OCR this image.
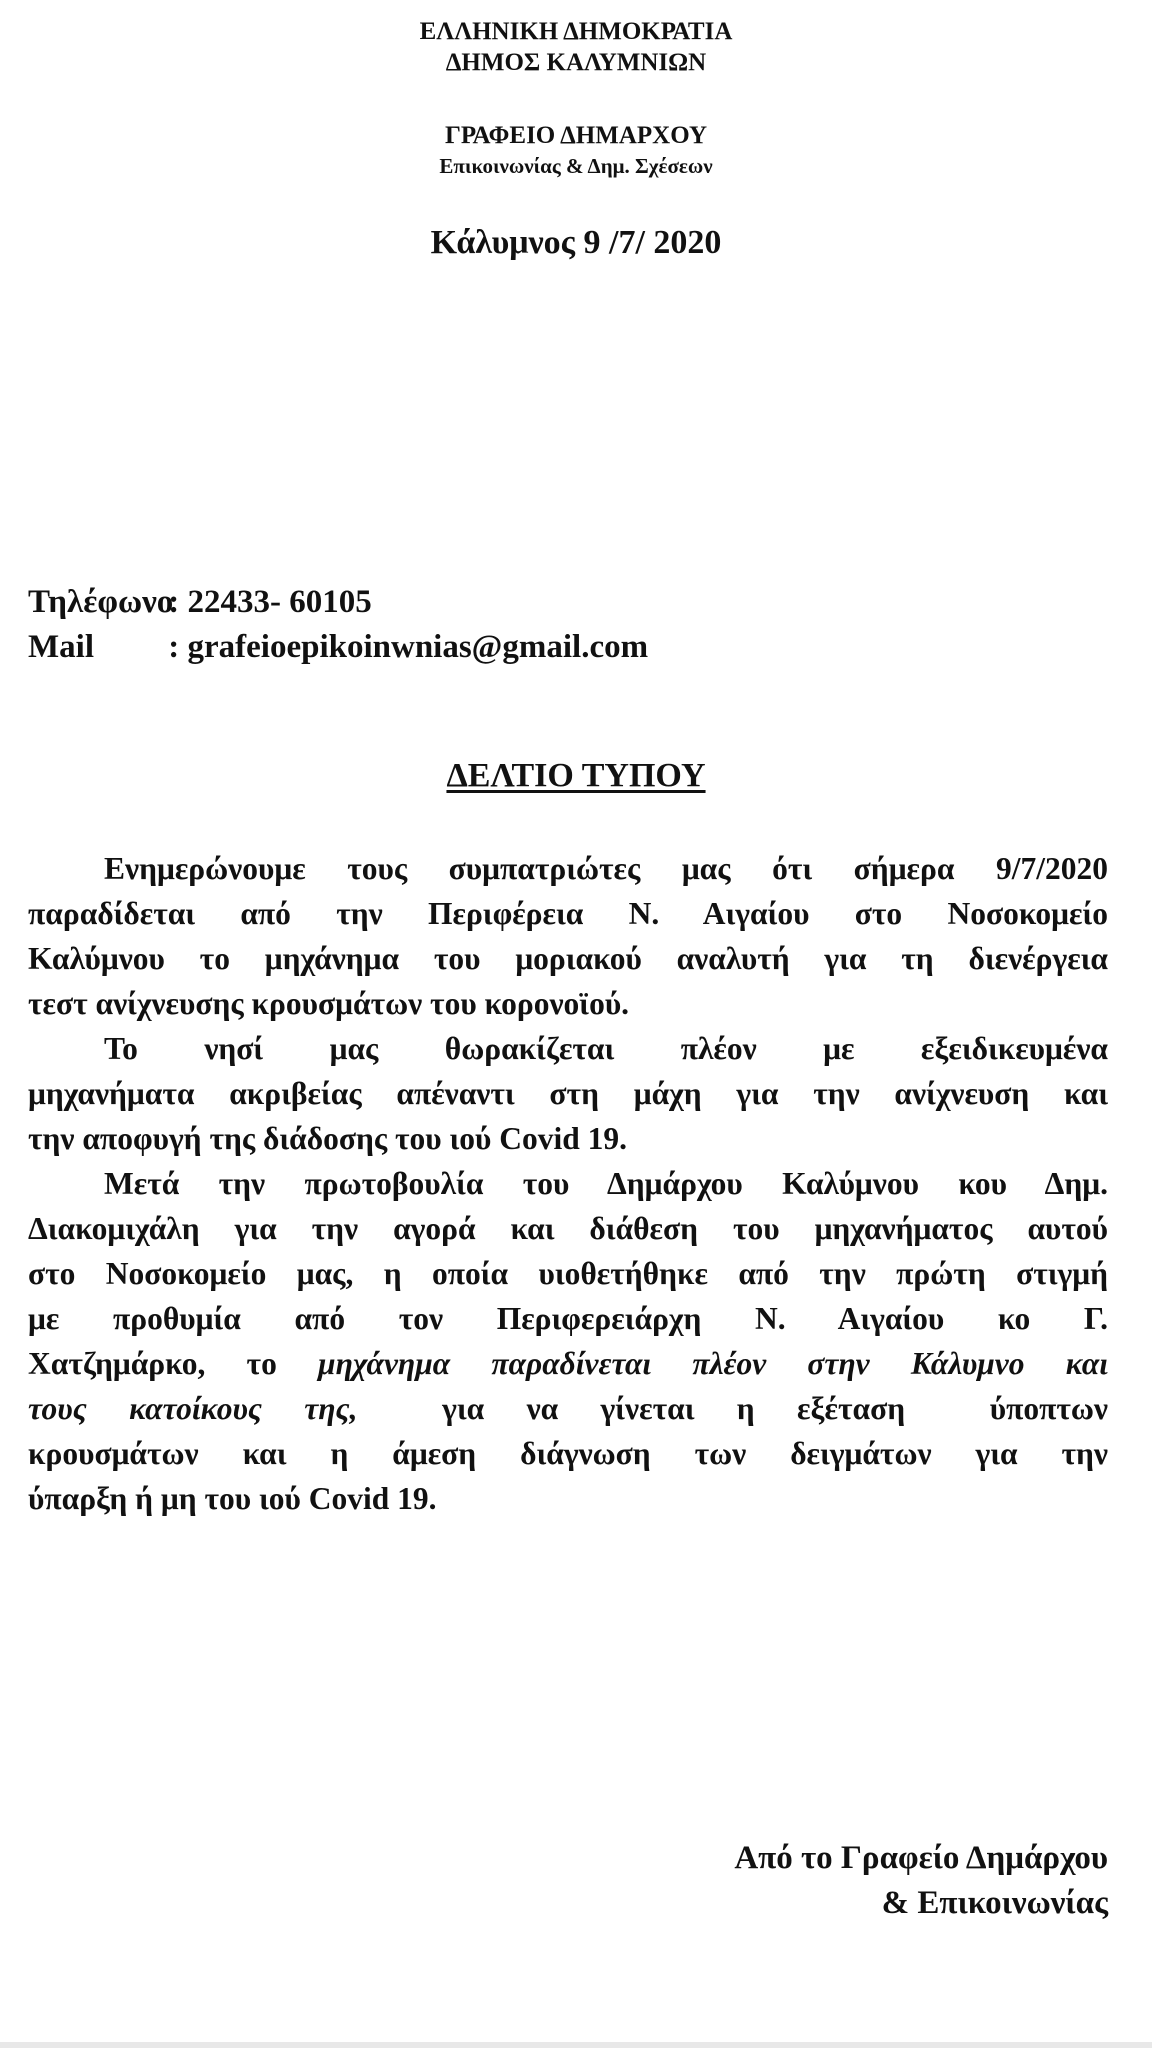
ΕΛΛΗΝΙΚΗ ΔΗΜΟΚΡΑΤΙΑ
ΔΗΜΟΣ ΚΑΛΥΜΝΙΩΝ
ΓΡΑΦΕΙΟ ΔΗΜΑΡΧΟΥ
Επικοινωνίας & Δημ. Σχέσεων
Κάλυμνος 9 /7/ 2020
Τηλέφωνο : 22433- 60105
Mail : grafeioepikoinwnias@gmail.com
ΔΕΛΤΙΟ ΤΥΠΟΥ
Ενημερώνουμε τους συμπατριώτες μας ότι σήμερα 9/7/2020
παραδίδεται από την Περιφέρεια Ν. Αιγαίου στο Νοσοκομείο
Καλύμνου το μηχάνημα του μοριακού αναλυτή για τη διενέργεια
τεστ ανίχνευσης κρουσμάτων του κορονοϊού.
Το νησί μας θωρακίζεται πλέον με εξειδικευμένα
μηχανήματα ακριβείας απέναντι στη μάχη για την ανίχνευση και
την αποφυγή της διάδοσης του ιού Covid 19.
Μετά την πρωτοβουλία του Δημάρχου Καλύμνου κου Δημ.
Διακομιχάλη για την αγορά και διάθεση του μηχανήματος αυτού
στο Νοσοκομείο μας, η οποία υιοθετήθηκε από την πρώτη στιγμή
με προθυμία από τον Περιφερειάρχη Ν. Αιγαίου κο Γ.
Χατζημάρκο, το μηχάνημα παραδίνεται πλέον στην Κάλυμνο και
τους κατοίκους της,  για να γίνεται η εξέταση  ύποπτων
κρουσμάτων και η άμεση διάγνωση των δειγμάτων για την
ύπαρξη ή μη του ιού Covid 19.
Από το Γραφείο Δημάρχου
& Επικοινωνίας
